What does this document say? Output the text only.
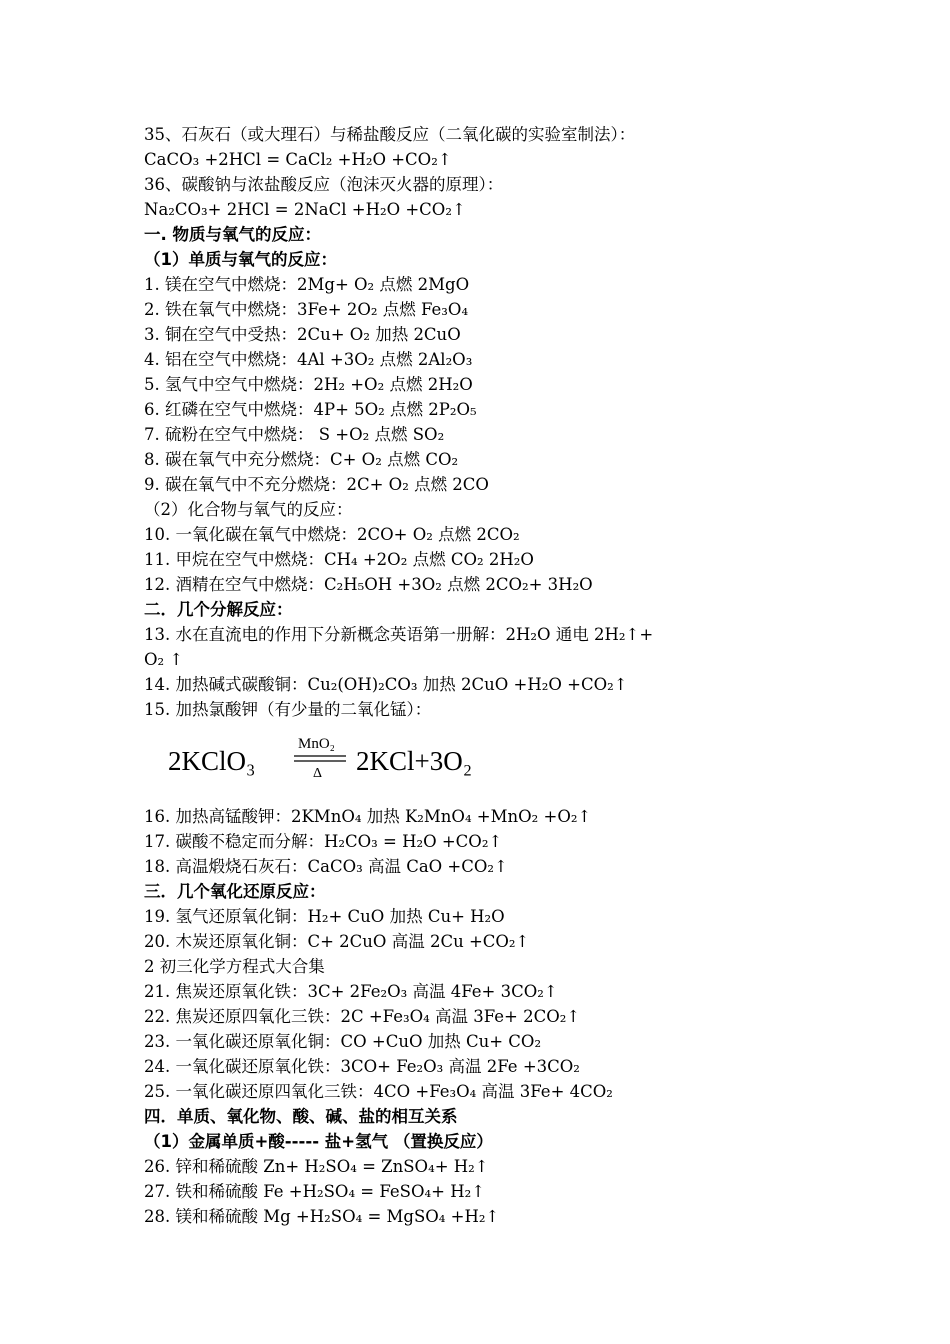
35、石灰石（或大理石）与稀盐酸反应（二氧化碳的实验室制法）：
CaCO₃ +2HCl = CaCl₂ +H₂O +CO₂↑
36、碳酸钠与浓盐酸反应（泡沫灭火器的原理）：
Na₂CO₃+ 2HCl = 2NaCl +H₂O +CO₂↑
一. 物质与氧气的反应：
（1）单质与氧气的反应：
1. 镁在空气中燃烧：2Mg+ O₂ 点燃 2MgO
2. 铁在氧气中燃烧：3Fe+ 2O₂ 点燃 Fe₃O₄
3. 铜在空气中受热：2Cu+ O₂ 加热 2CuO
4. 铝在空气中燃烧：4Al +3O₂ 点燃 2Al₂O₃
5. 氢气中空气中燃烧：2H₂ +O₂ 点燃 2H₂O
6. 红磷在空气中燃烧：4P+ 5O₂ 点燃 2P₂O₅
7. 硫粉在空气中燃烧： S +O₂ 点燃 SO₂
8. 碳在氧气中充分燃烧：C+ O₂ 点燃 CO₂
9. 碳在氧气中不充分燃烧：2C+ O₂ 点燃 2CO
（2）化合物与氧气的反应：
10. 一氧化碳在氧气中燃烧：2CO+ O₂ 点燃 2CO₂
11. 甲烷在空气中燃烧：CH₄ +2O₂ 点燃 CO₂ 2H₂O
12. 酒精在空气中燃烧：C₂H₅OH +3O₂ 点燃 2CO₂+ 3H₂O
二．几个分解反应：
13. 水在直流电的作用下分新概念英语第一册解：2H₂O 通电 2H₂↑+
O₂ ↑
14. 加热碱式碳酸铜：Cu₂(OH)₂CO₃ 加热 2CuO +H₂O +CO₂↑
15. 加热氯酸钾（有少量的二氧化锰）：
2KClO₃
MnO₂
Δ 2KCl+3O₂
16. 加热高锰酸钾：2KMnO₄ 加热 K₂MnO₄ +MnO₂ +O₂↑
17. 碳酸不稳定而分解：H₂CO₃ = H₂O +CO₂↑
18. 高温煅烧石灰石：CaCO₃ 高温 CaO +CO₂↑
三．几个氧化还原反应：
19. 氢气还原氧化铜：H₂+ CuO 加热 Cu+ H₂O
20. 木炭还原氧化铜：C+ 2CuO 高温 2Cu +CO₂↑
2 初三化学方程式大合集
21. 焦炭还原氧化铁：3C+ 2Fe₂O₃ 高温 4Fe+ 3CO₂↑
22. 焦炭还原四氧化三铁：2C +Fe₃O₄ 高温 3Fe+ 2CO₂↑
23. 一氧化碳还原氧化铜：CO +CuO 加热 Cu+ CO₂
24. 一氧化碳还原氧化铁：3CO+ Fe₂O₃ 高温 2Fe +3CO₂
25. 一氧化碳还原四氧化三铁：4CO +Fe₃O₄ 高温 3Fe+ 4CO₂
四．单质、氧化物、酸、碱、盐的相互关系
（1）金属单质+酸----- 盐+氢气 （置换反应）
26. 锌和稀硫酸 Zn+ H₂SO₄ = ZnSO₄+ H₂↑
27. 铁和稀硫酸 Fe +H₂SO₄ = FeSO₄+ H₂↑
28. 镁和稀硫酸 Mg +H₂SO₄ = MgSO₄ +H₂↑
